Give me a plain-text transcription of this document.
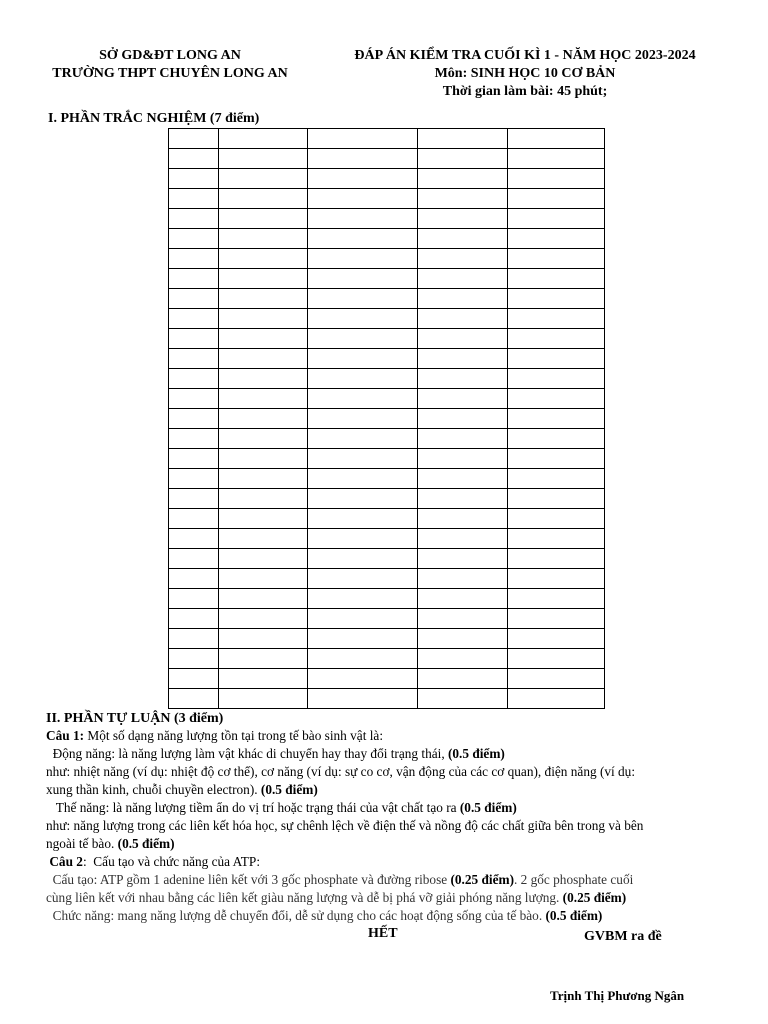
SỞ GD&ĐT LONG AN
TRƯỜNG THPT CHUYÊN LONG AN
ĐÁP ÁN KIỂM TRA CUỐI KÌ 1 - NĂM HỌC 2023-2024
Môn: SINH HỌC 10 CƠ BẢN
Thời gian làm bài: 45 phút;
I. PHẦN TRẮC NGHIỆM (7 điểm)

II. PHẦN TỰ LUẬN (3 điểm)
Câu 1: Một số dạng năng lượng tồn tại trong tế bào sinh vật là:
Động năng: là năng lượng làm vật khác di chuyển hay thay đổi trạng thái, (0.5 điểm)
như: nhiệt năng (ví dụ: nhiệt độ cơ thể), cơ năng (ví dụ: sự co cơ, vận động của các cơ quan), điện năng (ví dụ:
xung thần kinh, chuỗi chuyền electron). (0.5 điểm)
Thế năng: là năng lượng tiềm ẩn do vị trí hoặc trạng thái của vật chất tạo ra (0.5 điểm)
như: năng lượng trong các liên kết hóa học, sự chênh lệch về điện thế và nồng độ các chất giữa bên trong và bên
ngoài tế bào. (0.5 điểm)
Câu 2:  Cấu tạo và chức năng của ATP:
Cấu tạo: ATP gồm 1 adenine liên kết với 3 gốc phosphate và đường ribose (0.25 điểm). 2 gốc phosphate cuối
cùng liên kết với nhau bằng các liên kết giàu năng lượng và dễ bị phá vỡ giải phóng năng lượng. (0.25 điểm)
Chức năng: mang năng lượng dễ chuyển đổi, dễ sử dụng cho các hoạt động sống của tế bào. (0.5 điểm)
HẾT	GVBM ra đề
Trịnh Thị Phương Ngân
